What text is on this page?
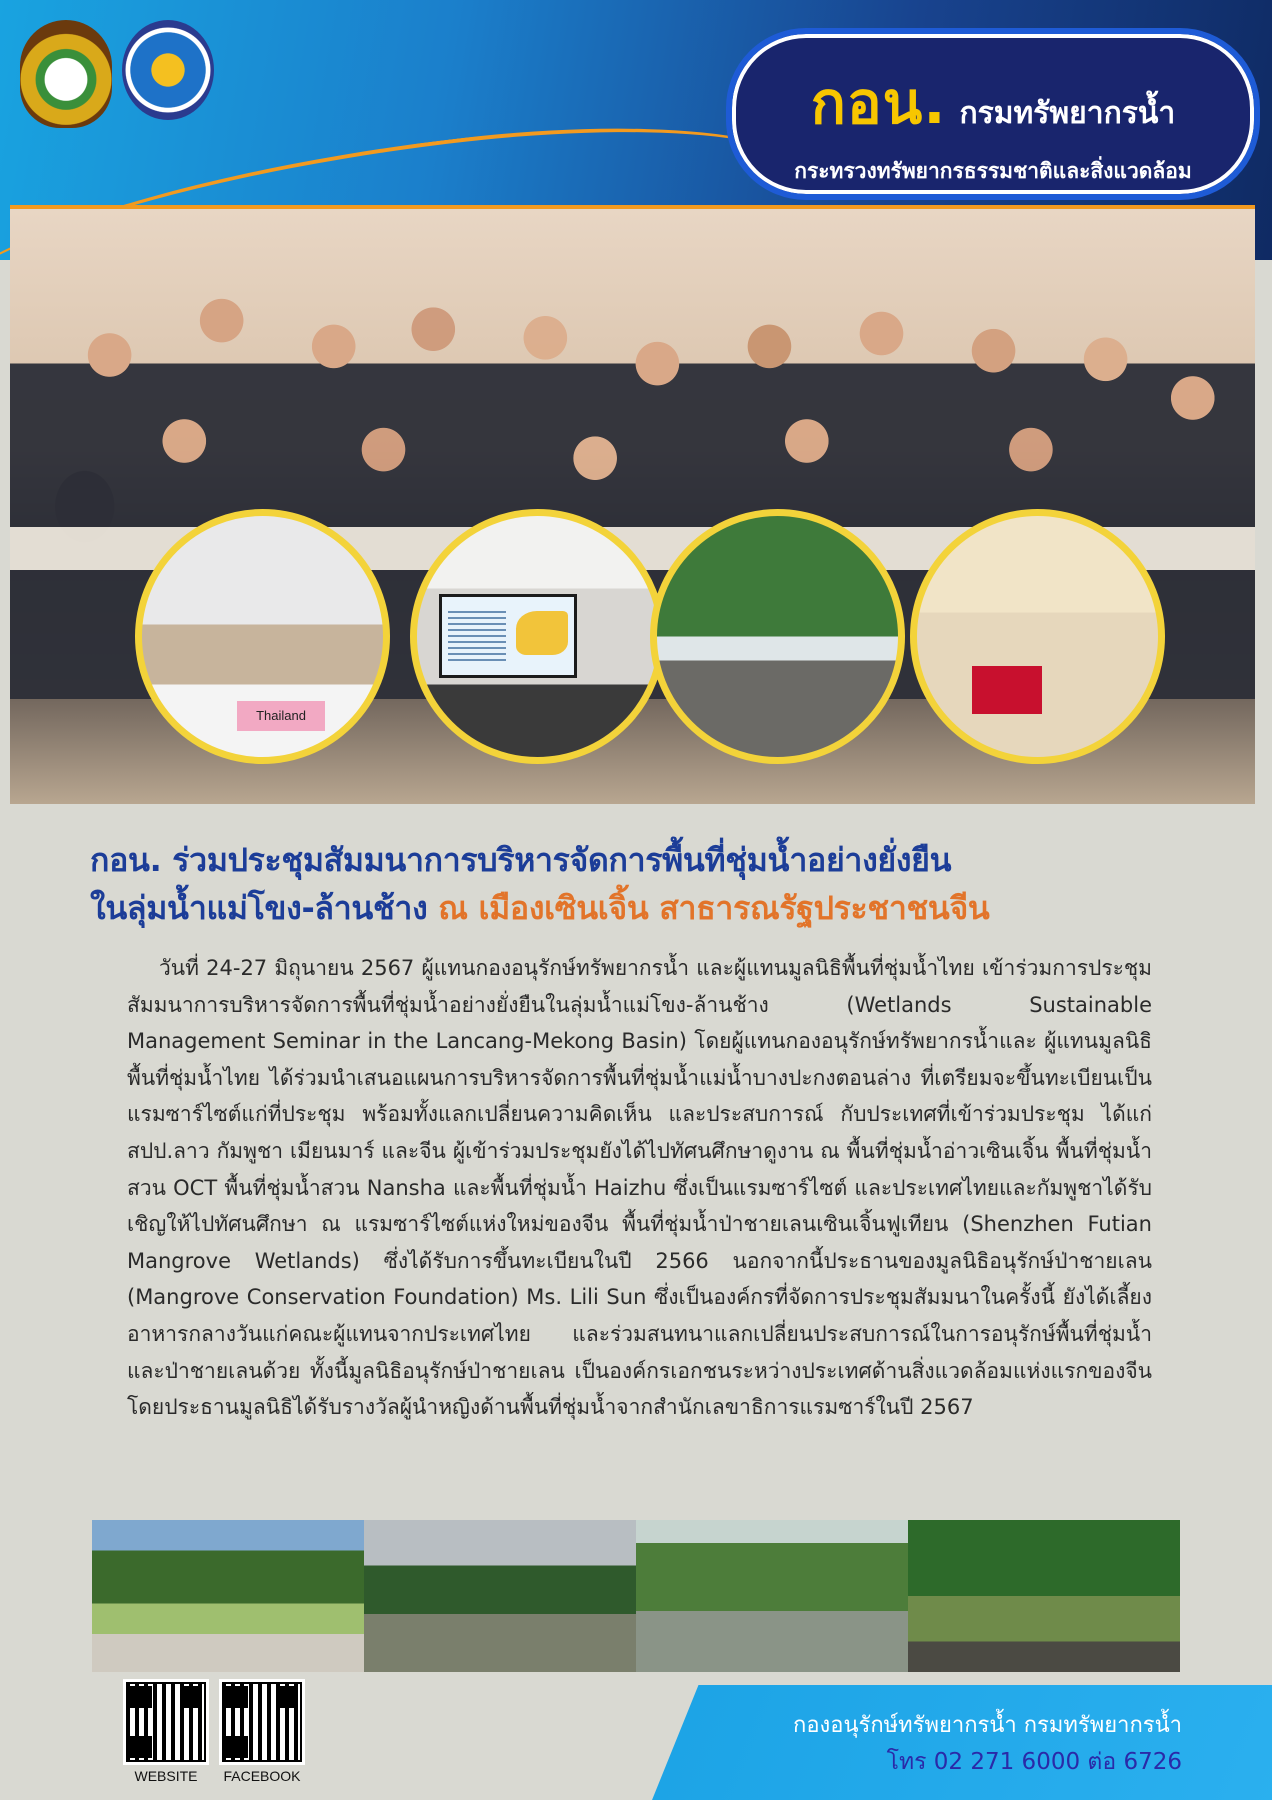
กอน. กรมทรัพยากรน้ำ
กระทรวงทรัพยากรธรรมชาติและสิ่งแวดล้อม
Thailand
กอน. ร่วมประชุมสัมมนาการบริหารจัดการพื้นที่ชุ่มน้ำอย่างยั่งยืน
ในลุ่มน้ำแม่โขง-ล้านช้าง ณ เมืองเซินเจิ้น สาธารณรัฐประชาชนจีน
วันที่ 24-27 มิถุนายน 2567 ผู้แทนกองอนุรักษ์ทรัพยากรน้ำ และผู้แทนมูลนิธิพื้นที่ชุ่มน้ำไทย เข้าร่วมการประชุมสัมมนาการบริหารจัดการพื้นที่ชุ่มน้ำอย่างยั่งยืนในลุ่มน้ำแม่โขง-ล้านช้าง (Wetlands Sustainable Management Seminar in the Lancang-Mekong Basin) โดยผู้แทนกองอนุรักษ์ทรัพยากรน้ำและ ผู้แทนมูลนิธิพื้นที่ชุ่มน้ำไทย ได้ร่วมนำเสนอแผนการบริหารจัดการพื้นที่ชุ่มน้ำแม่น้ำบางปะกงตอนล่าง ที่เตรียมจะขึ้นทะเบียนเป็นแรมซาร์ไซต์แก่ที่ประชุม พร้อมทั้งแลกเปลี่ยนความคิดเห็น และประสบการณ์ กับประเทศที่เข้าร่วมประชุม ได้แก่ สปป.ลาว กัมพูชา เมียนมาร์ และจีน ผู้เข้าร่วมประชุมยังได้ไปทัศนศึกษาดูงาน ณ พื้นที่ชุ่มน้ำอ่าวเซินเจิ้น พื้นที่ชุ่มน้ำสวน OCT พื้นที่ชุ่มน้ำสวน Nansha และพื้นที่ชุ่มน้ำ Haizhu ซึ่งเป็นแรมซาร์ไซต์ และประเทศไทยและกัมพูชาได้รับเชิญให้ไปทัศนศึกษา ณ แรมซาร์ไซต์แห่งใหม่ของจีน พื้นที่ชุ่มน้ำป่าชายเลนเซินเจิ้นฟูเทียน (Shenzhen Futian Mangrove Wetlands) ซึ่งได้รับการขึ้นทะเบียนในปี 2566 นอกจากนี้ประธานของมูลนิธิอนุรักษ์ป่าชายเลน (Mangrove Conservation Foundation) Ms. Lili Sun ซึ่งเป็นองค์กรที่จัดการประชุมสัมมนาในครั้งนี้ ยังได้เลี้ยงอาหารกลางวันแก่คณะผู้แทนจากประเทศไทย และร่วมสนทนาแลกเปลี่ยนประสบการณ์ในการอนุรักษ์พื้นที่ชุ่มน้ำและป่าชายเลนด้วย ทั้งนี้มูลนิธิอนุรักษ์ป่าชายเลน เป็นองค์กรเอกชนระหว่างประเทศด้านสิ่งแวดล้อมแห่งแรกของจีน โดยประธานมูลนิธิได้รับรางวัลผู้นำหญิงด้านพื้นที่ชุ่มน้ำจากสำนักเลขาธิการแรมซาร์ในปี 2567
WEBSITE	FACEBOOK
กองอนุรักษ์ทรัพยากรน้ำ กรมทรัพยากรน้ำ
โทร 02 271 6000 ต่อ 6726
